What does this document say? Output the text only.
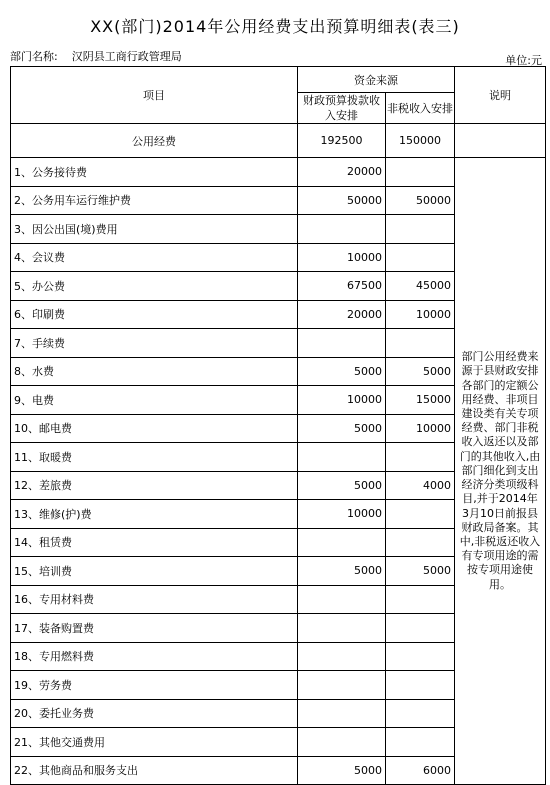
XX(部门)2014年公用经费支出预算明细表(表三)
部门名称: 汉阴县工商行政管理局	单位:元
项目	资金来源		说明
	财政预算拨款收入安排	非税收入安排	
公用经费	192500	150000	
1、公务接待费	20000		部门公用经费来源于县财政安排各部门的定额公用经费、非项目建设类有关专项经费、部门非税收入返还以及部门的其他收入,由部门细化到支出经济分类项级科目,并于2014年3月10日前报县财政局备案。其中,非税返还收入有专项用途的需按专项用途使用。
2、公务用车运行维护费	50000	50000	
3、因公出国(境)费用			
4、会议费	10000		
5、办公费	67500	45000	
6、印刷费	20000	10000	
7、手续费			
8、水费	5000	5000	
9、电费	10000	15000	
10、邮电费	5000	10000	
11、取暖费			
12、差旅费	5000	4000	
13、维修(护)费	10000		
14、租赁费			
15、培训费	5000	5000	
16、专用材料费			
17、装备购置费			
18、专用燃料费			
19、劳务费			
20、委托业务费			
21、其他交通费用			
22、其他商品和服务支出	5000	6000	
